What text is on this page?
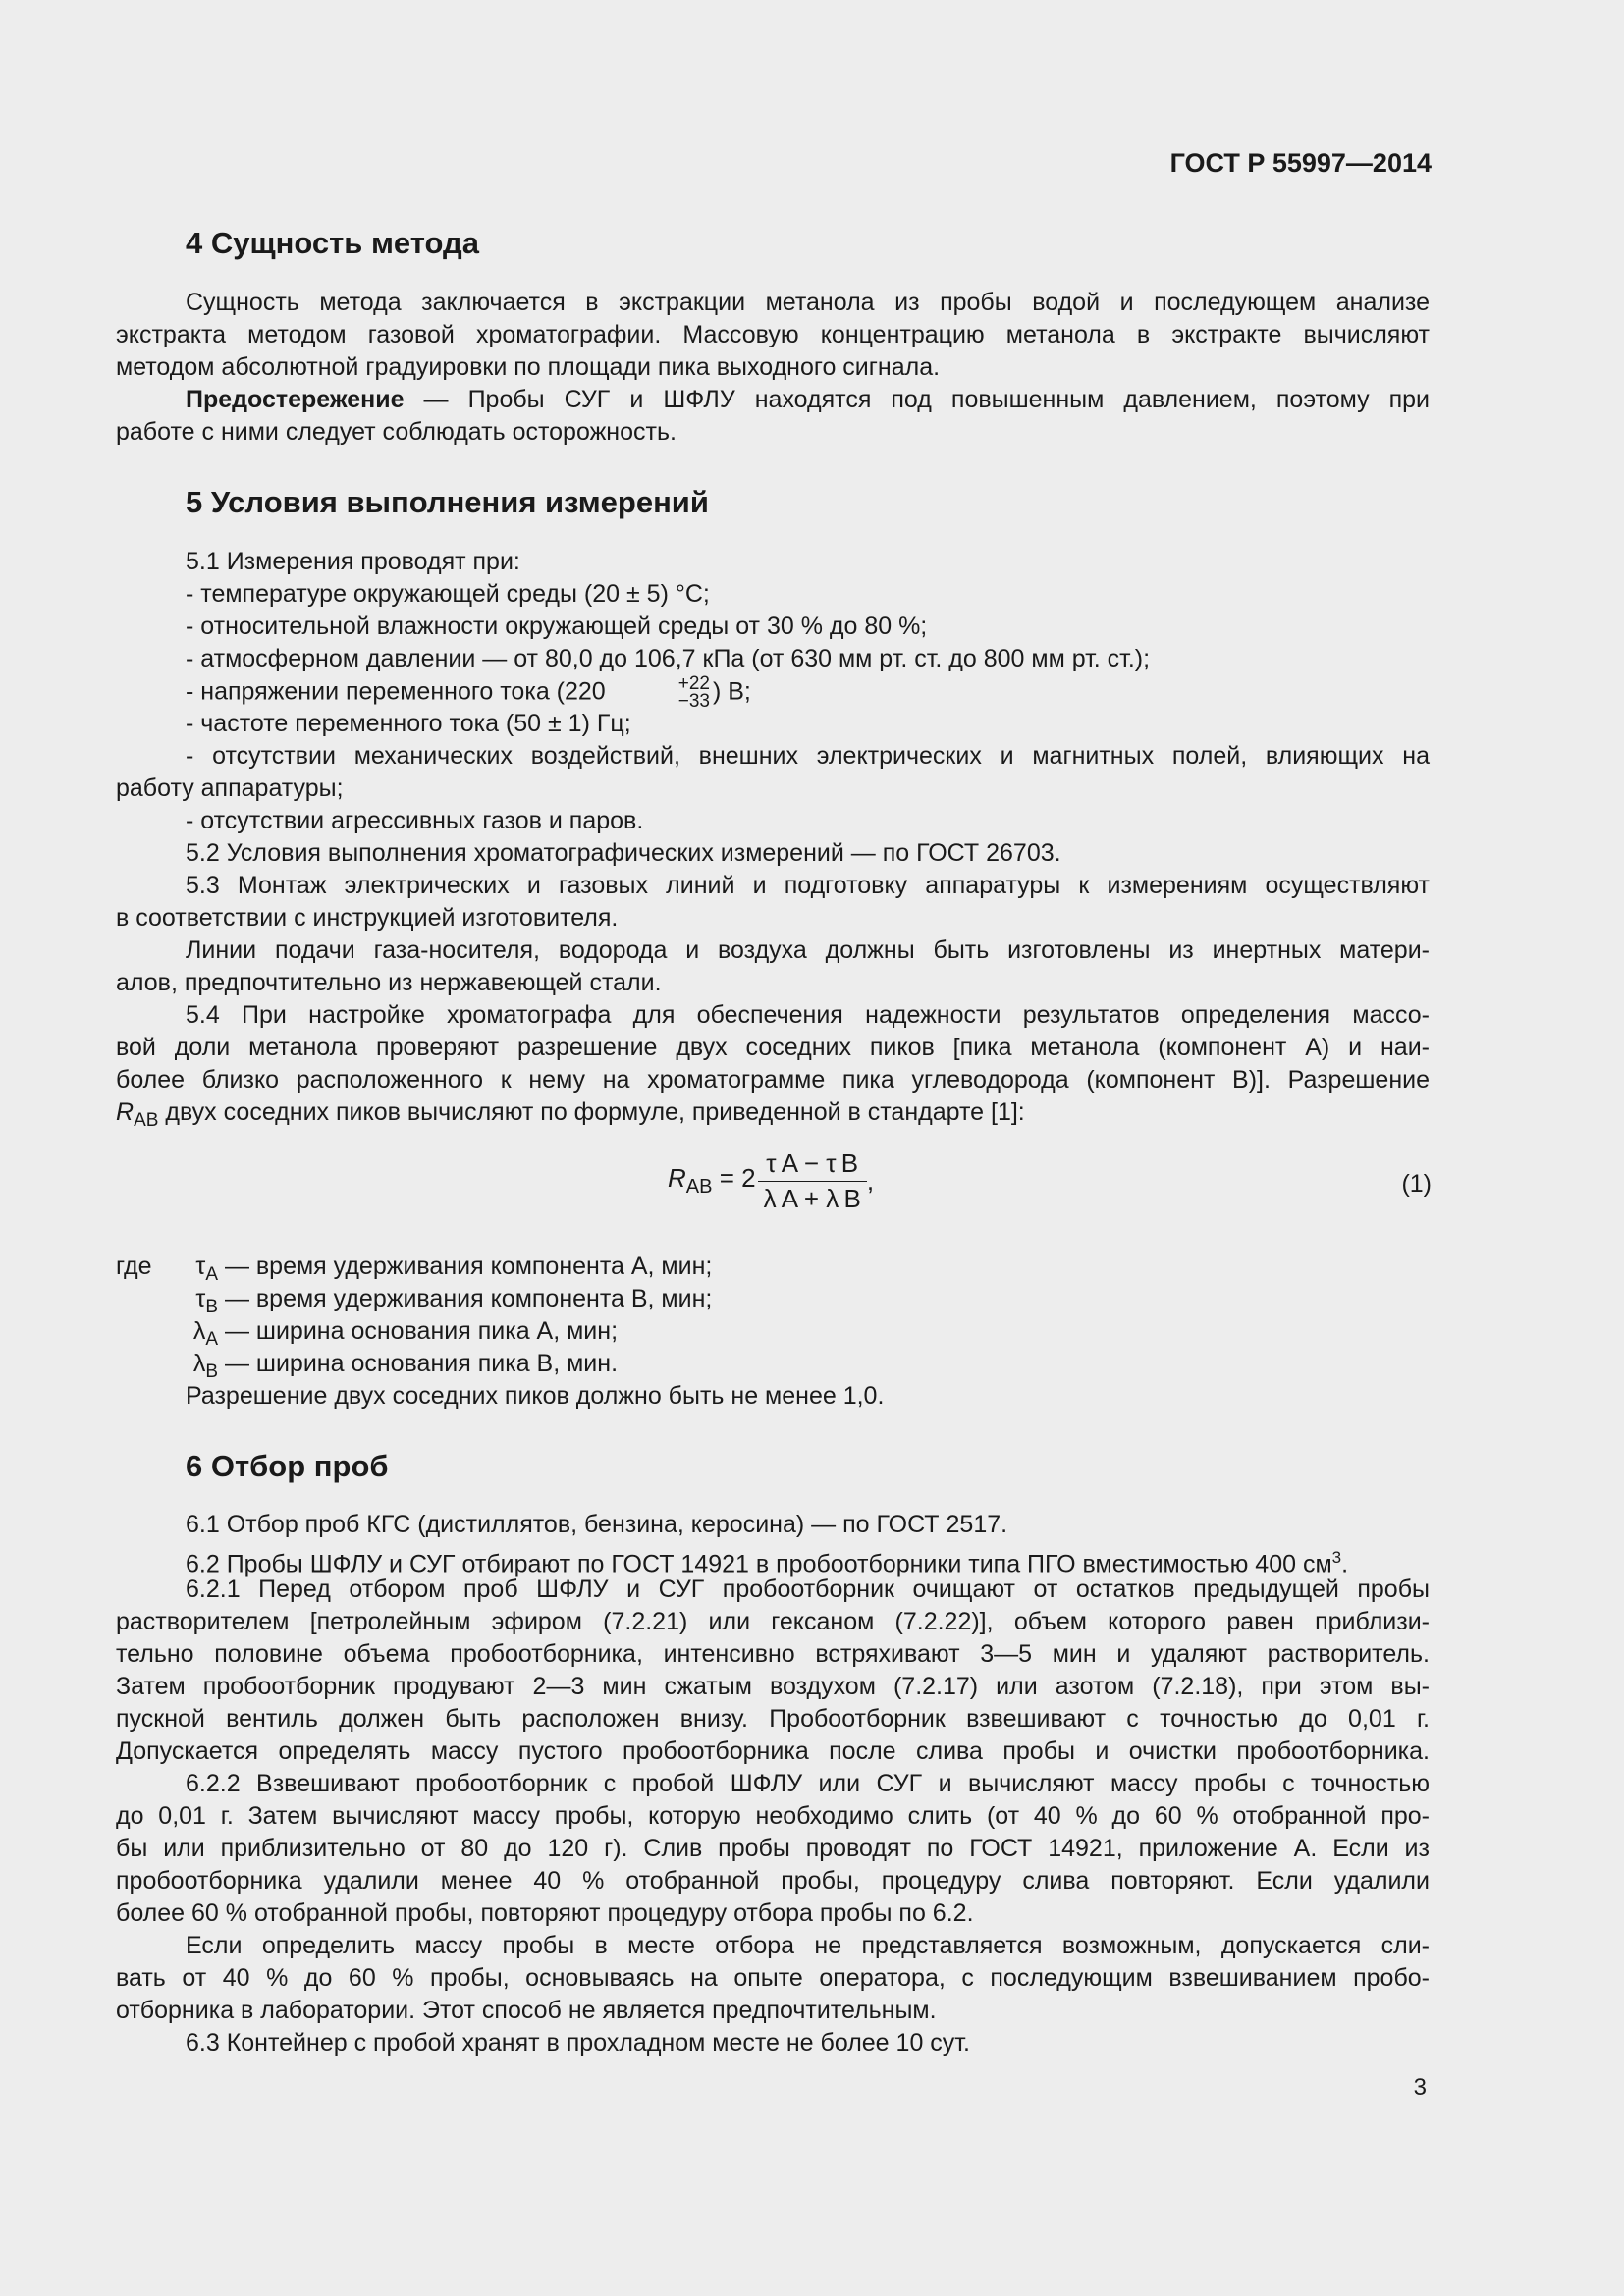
ГОСТ Р 55997—2014
4 Сущность метода
Сущность метода заключается в экстракции метанола из пробы водой и последующем анализе
экстракта методом газовой хроматографии. Массовую концентрацию метанола в экстракте вычисляют
методом абсолютной градуировки по площади пика выходного сигнала.
Предостережение — Пробы СУГ и ШФЛУ находятся под повышенным давлением, поэтому при
работе с ними следует соблюдать осторожность.
5 Условия выполнения измерений
5.1 Измерения проводят при:
- температуре окружающей среды (20 ± 5) °С;
- относительной влажности окружающей среды от 30 % до 80 %;
- атмосферном давлении — от 80,0 до 106,7 кПа (от 630 мм рт. ст. до 800 мм рт. ст.);
- напряжении переменного тока (220	+22
−33 ) В;
- частоте переменного тока (50 ± 1) Гц;
- отсутствии механических воздействий, внешних электрических и магнитных полей, влияющих на
работу аппаратуры;
- отсутствии агрессивных газов и паров.
5.2 Условия выполнения хроматографических измерений — по ГОСТ 26703.
5.3 Монтаж электрических и газовых линий и подготовку аппаратуры к измерениям осуществляют
в соответствии с инструкцией изготовителя.
Линии подачи газа-носителя, водорода и воздуха должны быть изготовлены из инертных матери-
алов, предпочтительно из нержавеющей стали.
5.4 При настройке хроматографа для обеспечения надежности результатов определения массо-
вой доли метанола проверяют разрешение двух соседних пиков [пика метанола (компонент А) и наи-
более близко расположенного к нему на хроматограмме пика углеводорода (компонент В)]. Разрешение
$R_{AB}$ двух соседних пиков вычисляют по формуле, приведенной в стандарте [1]:
$R_{AB} = 2 \frac{\text{τ A − τ B}}{\text{λ A + λ B}}$ ,	(1)
где $\tau_A$ — время удерживания компонента А, мин;
$\tau_B$ — время удерживания компонента В, мин;
$\lambda_A$ — ширина основания пика А, мин;
$\lambda_B$ — ширина основания пика В, мин.
Разрешение двух соседних пиков должно быть не менее 1,0.
6 Отбор проб
6.1 Отбор проб КГС (дистиллятов, бензина, керосина) — по ГОСТ 2517.
6.2 Пробы ШФЛУ и СУГ отбирают по ГОСТ 14921 в пробоотборники типа ПГО вместимостью 400 $см^3$.
6.2.1 Перед отбором проб ШФЛУ и СУГ пробоотборник очищают от остатков предыдущей пробы
растворителем [петролейным эфиром (7.2.21) или гексаном (7.2.22)], объем которого равен приблизи-
тельно половине объема пробоотборника, интенсивно встряхивают 3—5 мин и удаляют растворитель.
Затем пробоотборник продувают 2—3 мин сжатым воздухом (7.2.17) или азотом (7.2.18), при этом вы-
пускной вентиль должен быть расположен внизу. Пробоотборник взвешивают с точностью до 0,01 г.
Допускается определять массу пустого пробоотборника после слива пробы и очистки пробоотборника.
6.2.2 Взвешивают пробоотборник с пробой ШФЛУ или СУГ и вычисляют массу пробы с точностью
до 0,01 г. Затем вычисляют массу пробы, которую необходимо слить (от 40 % до 60 % отобранной про-
бы или приблизительно от 80 до 120 г). Слив пробы проводят по ГОСТ 14921, приложение А. Если из
пробоотборника удалили менее 40 % отобранной пробы, процедуру слива повторяют. Если удалили
более 60 % отобранной пробы, повторяют процедуру отбора пробы по 6.2.
Если определить массу пробы в месте отбора не представляется возможным, допускается сли-
вать от 40 % до 60 % пробы, основываясь на опыте оператора, с последующим взвешиванием пробо-
отборника в лаборатории. Этот способ не является предпочтительным.
6.3 Контейнер с пробой хранят в прохладном месте не более 10 сут.
3
